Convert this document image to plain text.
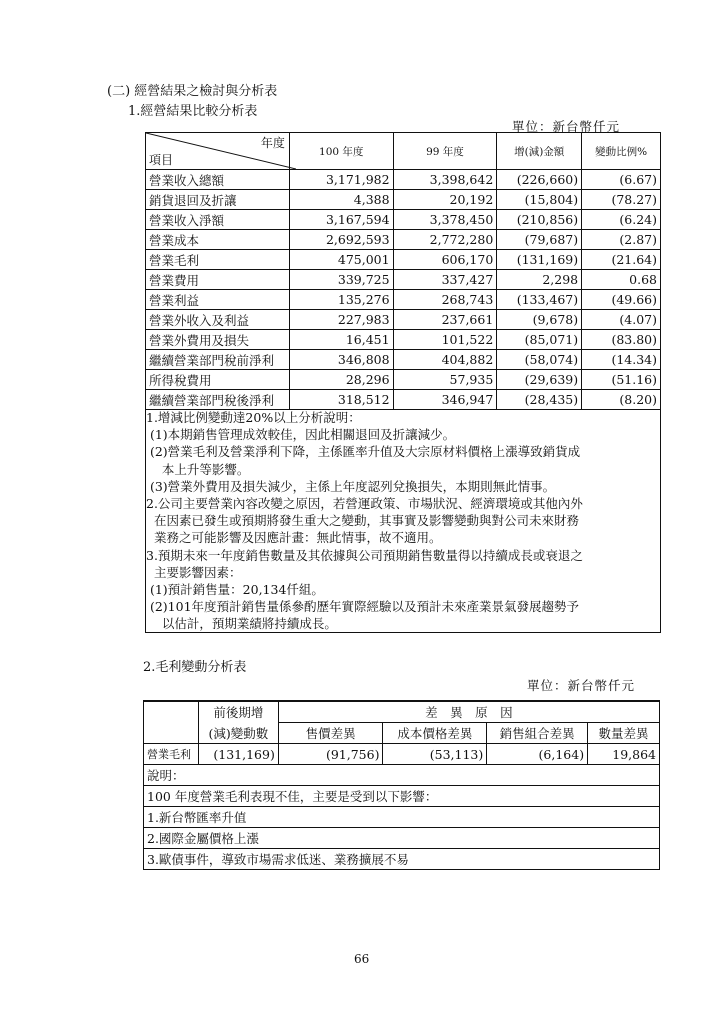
(二) 經營結果之檢討與分析表
1.經營結果比較分析表
單位：新台幣仟元
年度
項目	100 年度	99 年度	增(減)金額	變動比例%
營業收入總額	3,171,982	3,398,642	(226,660)	(6.67)
銷貨退回及折讓	4,388	20,192	(15,804)	(78.27)
營業收入淨額	3,167,594	3,378,450	(210,856)	(6.24)
營業成本	2,692,593	2,772,280	(79,687)	(2.87)
營業毛利	475,001	606,170	(131,169)	(21.64)
營業費用	339,725	337,427	2,298	0.68
營業利益	135,276	268,743	(133,467)	(49.66)
營業外收入及利益	227,983	237,661	(9,678)	(4.07)
營業外費用及損失	16,451	101,522	(85,071)	(83.80)
繼續營業部門稅前淨利	346,808	404,882	(58,074)	(14.34)
所得稅費用	28,296	57,935	(29,639)	(51.16)
繼續營業部門稅後淨利	318,512	346,947	(28,435)	(8.20)
1.增減比例變動達20%以上分析說明：
(1)本期銷售管理成效較佳，因此相關退回及折讓減少。
(2)營業毛利及營業淨利下降，主係匯率升值及大宗原材料價格上漲導致銷貨成
本上升等影響。
(3)營業外費用及損失減少，主係上年度認列兌換損失，本期則無此情事。
2.公司主要營業內容改變之原因，若營運政策、市場狀況、經濟環境或其他內外
在因素已發生或預期將發生重大之變動，其事實及影響變動與對公司未來財務
業務之可能影響及因應計畫：無此情事，故不適用。
3.預期未來一年度銷售數量及其依據與公司預期銷售數量得以持續成長或衰退之
主要影響因素：
(1)預計銷售量：20,134仟組。
(2)101年度預計銷售量係參酌歷年實際經驗以及預計未來產業景氣發展趨勢予
以估計，預期業績將持續成長。
2.毛利變動分析表
單位：新台幣仟元
	前後期增	差　異　原　因			
	(減)變動數	售價差異	成本價格差異	銷售組合差異	數量差異
營業毛利	(131,169)	(91,756)	(53,113)	(6,164)	19,864
說明：					
100 年度營業毛利表現不佳，主要是受到以下影響：					
1.新台幣匯率升值					
2.國際金屬價格上漲					
3.歐債事件，導致市場需求低迷、業務擴展不易					
66
